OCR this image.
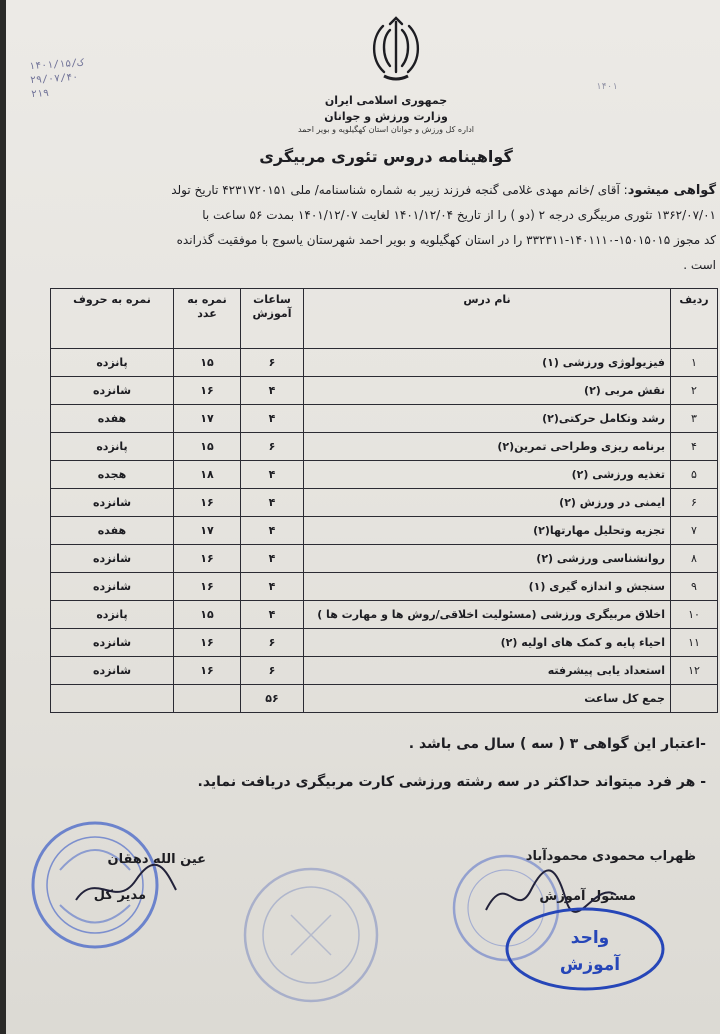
جمهوری اسلامی ایران
وزارت ورزش و جوانان
اداره کل ورزش و جوانان استان کهگیلویه و بویر احمد
۱۴۰۱/ک/۱۵
۲۹/۰۷/۴۰
۲۱۹
۱۴۰۱
گواهینامه دروس تئوری مربیگری
گواهی میشود: آقای /خانم مهدی غلامی گنجه فرزند زبیر به شماره شناسنامه/ ملی ۴۲۳۱۷۲۰۱۵۱ تاریخ تولد
۱۳۶۲/۰۷/۰۱ تئوری مربیگری درجه ۲ (دو ) را از تاریخ ۱۴۰۱/۱۲/۰۴ لغایت ۱۴۰۱/۱۲/۰۷ بمدت ۵۶ ساعت با
کد مجوز ۱۵۰۱۵۰۱۵-۱۴۰۱۱۱۰-۳۳۲۳۱۱ را در استان کهگیلویه و بویر احمد شهرستان یاسوج با موفقیت گذرانده
است .
ردیف	نام درس	ساعات آموزش	نمره به عدد	نمره به حروف
۱	فیزیولوژی ورزشی (۱)	۶	۱۵	پانزده
۲	نقش مربی (۲)	۴	۱۶	شانزده
۳	رشد وتکامل حرکتی(۲)	۴	۱۷	هفده
۴	برنامه ریزی وطراحی تمرین(۲)	۶	۱۵	پانزده
۵	تغذیه ورزشی (۲)	۴	۱۸	هجده
۶	ایمنی در ورزش (۲)	۴	۱۶	شانزده
۷	تجزیه وتحلیل مهارتها(۲)	۴	۱۷	هفده
۸	روانشناسی ورزشی (۲)	۴	۱۶	شانزده
۹	سنجش و اندازه گیری (۱)	۴	۱۶	شانزده
۱۰	اخلاق مربیگری ورزشی (مسئولیت اخلاقی/روش ها و مهارت ها )	۴	۱۵	پانزده
۱۱	احیاء پایه و کمک های اولیه (۲)	۶	۱۶	شانزده
۱۲	استعداد یابی پیشرفته	۶	۱۶	شانزده
	جمع کل ساعت	۵۶		
-اعتبار این گواهی ۳ ( سه ) سال می باشد .
- هر فرد میتواند حداکثر در سه رشته ورزشی کارت مربیگری دریافت نماید.
ظهراب محمودی محمودآباد
مسئول آموزش
عین الله دهقان
مدیر کل
واحد
آموزش
